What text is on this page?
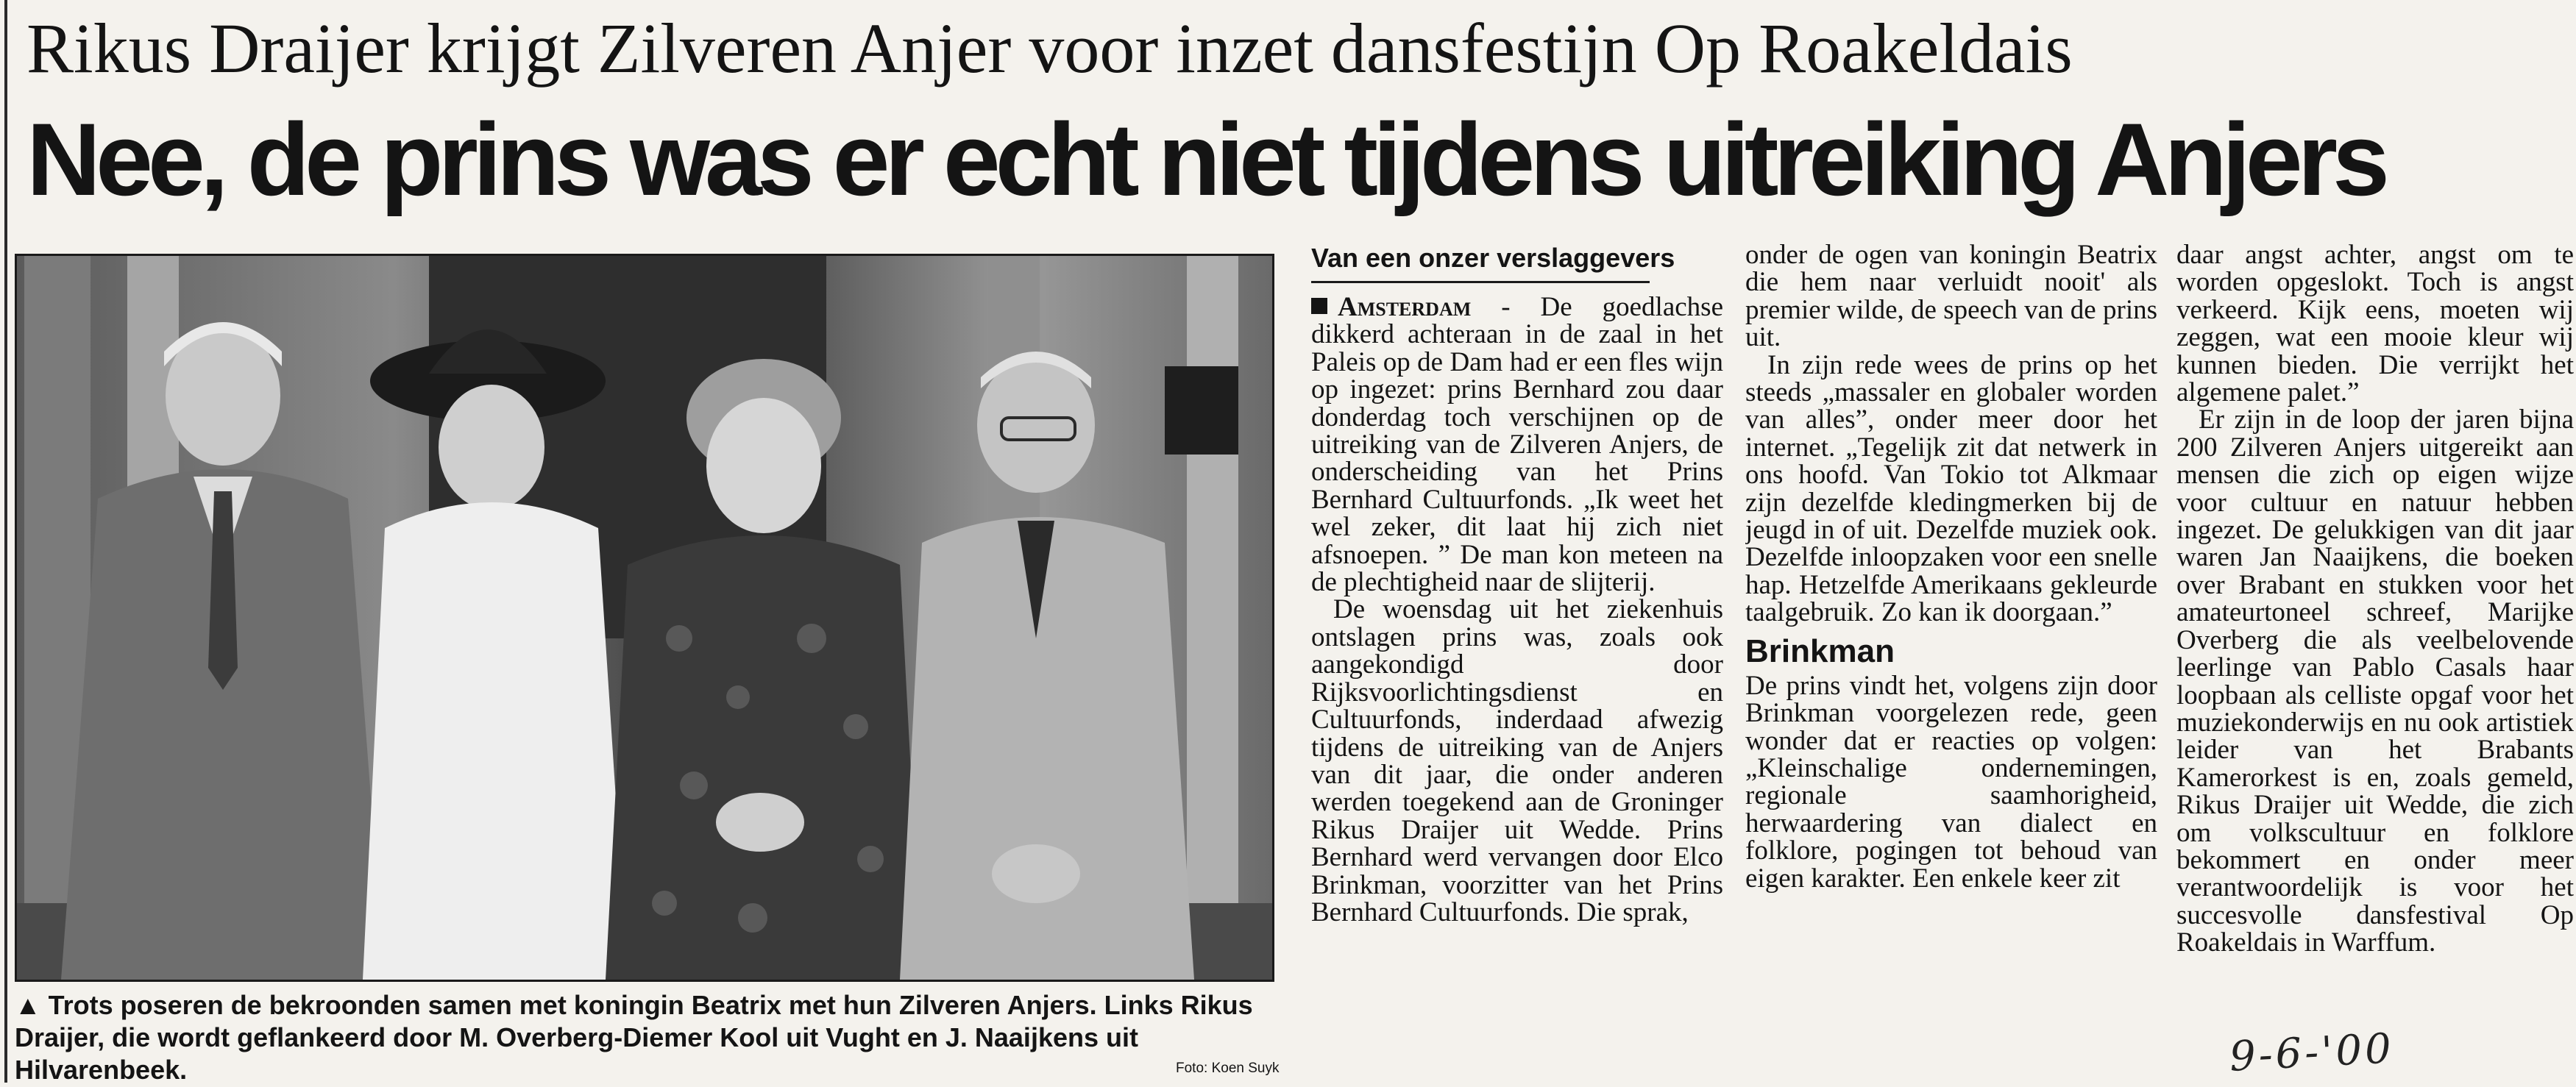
Rikus Draijer krijgt Zilveren Anjer voor inzet dansfestijn Op Roakeldais
Nee, de prins was er echt niet tijdens uitreiking Anjers
▲ Trots poseren de bekroonden samen met koningin Beatrix met hun Zilveren Anjers. Links Rikus Draijer, die wordt geflankeerd door M. Overberg-Diemer Kool uit Vught en J. Naaijkens uit Hilvarenbeek.	Foto: Koen Suyk
Van een onzer verslaggevers

Amsterdam - De goedlachse dikkerd achteraan in de zaal in het Paleis op de Dam had er een fles wijn op ingezet: prins Bernhard zou daar donderdag toch verschijnen op de uitreiking van de Zilveren Anjers, de onderscheiding van het Prins Bernhard Cultuurfonds. „Ik weet het wel zeker, dit laat hij zich niet afsnoepen. ” De man kon meteen na de plechtigheid naar de slijterij.

De woensdag uit het ziekenhuis ontslagen prins was, zoals ook aangekondigd door Rijksvoorlichtingsdienst en Cultuurfonds, inderdaad afwezig tijdens de uitreiking van de Anjers van dit jaar, die onder anderen werden toegekend aan de Groninger Rikus Draijer uit Wedde. Prins Bernhard werd vervangen door Elco Brinkman, voorzitter van het Prins Bernhard Cultuurfonds. Die sprak,

onder de ogen van koningin Beatrix die hem naar verluidt nooit' als premier wilde, de speech van de prins uit.

In zijn rede wees de prins op het steeds „massaler en globaler worden van alles”, onder meer door het internet. „Tegelijk zit dat netwerk in ons hoofd. Van Tokio tot Alkmaar zijn dezelfde kledingmerken bij de jeugd in of uit. Dezelfde muziek ook. Dezelfde inloopzaken voor een snelle hap. Hetzelfde Amerikaans gekleurde taalgebruik. Zo kan ik doorgaan.”

Brinkman

De prins vindt het, volgens zijn door Brinkman voorgelezen rede, geen wonder dat er reacties op volgen: „Kleinschalige ondernemingen, regionale saamhorigheid, herwaardering van dialect en folklore, pogingen tot behoud van eigen karakter. Een enkele keer zit

daar angst achter, angst om te worden opgeslokt. Toch is angst verkeerd. Kijk eens, moeten wij zeggen, wat een mooie kleur wij kunnen bieden. Die verrijkt het algemene palet.”

Er zijn in de loop der jaren bijna 200 Zilveren Anjers uitgereikt aan mensen die zich op eigen wijze voor cultuur en natuur hebben ingezet. De gelukkigen van dit jaar waren Jan Naaijkens, die boeken over Brabant en stukken voor het amateurtoneel schreef, Marijke Overberg die als veelbelovende leerlinge van Pablo Casals haar loopbaan als celliste opgaf voor het muziekonderwijs en nu ook artistiek leider van het Brabants Kamerorkest is en, zoals gemeld, Rikus Draijer uit Wedde, die zich om volkscultuur en folklore bekommert en onder meer verantwoordelijk is voor het succesvolle dansfestival Op Roakeldais in Warffum.

9-6-'00
